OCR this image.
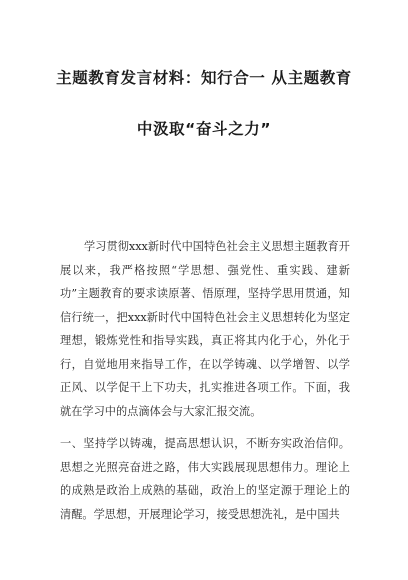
主题教育发言材料：知行合一 从主题教育
中汲取“奋斗之力”
学习贯彻xxx新时代中国特色社会主义思想主题教育开展以来，我严格按照“学思想、强党性、重实践、建新功”主题教育的要求读原著、悟原理，坚持学思用贯通，知信行统一，把xxx新时代中国特色社会主义思想转化为坚定理想，锻炼党性和指导实践，真正将其内化于心，外化于行，自觉地用来指导工作，在以学铸魂、以学增智、以学正风、以学促干上下功夫，扎实推进各项工作。下面，我就在学习中的点滴体会与大家汇报交流。
一、坚持学以铸魂，提高思想认识，不断夯实政治信仰。思想之光照亮奋进之路，伟大实践展现思想伟力。理论上的成熟是政治上成熟的基础，政治上的坚定源于理论上的清醒。学思想，开展理论学习，接受思想洗礼，是中国共
